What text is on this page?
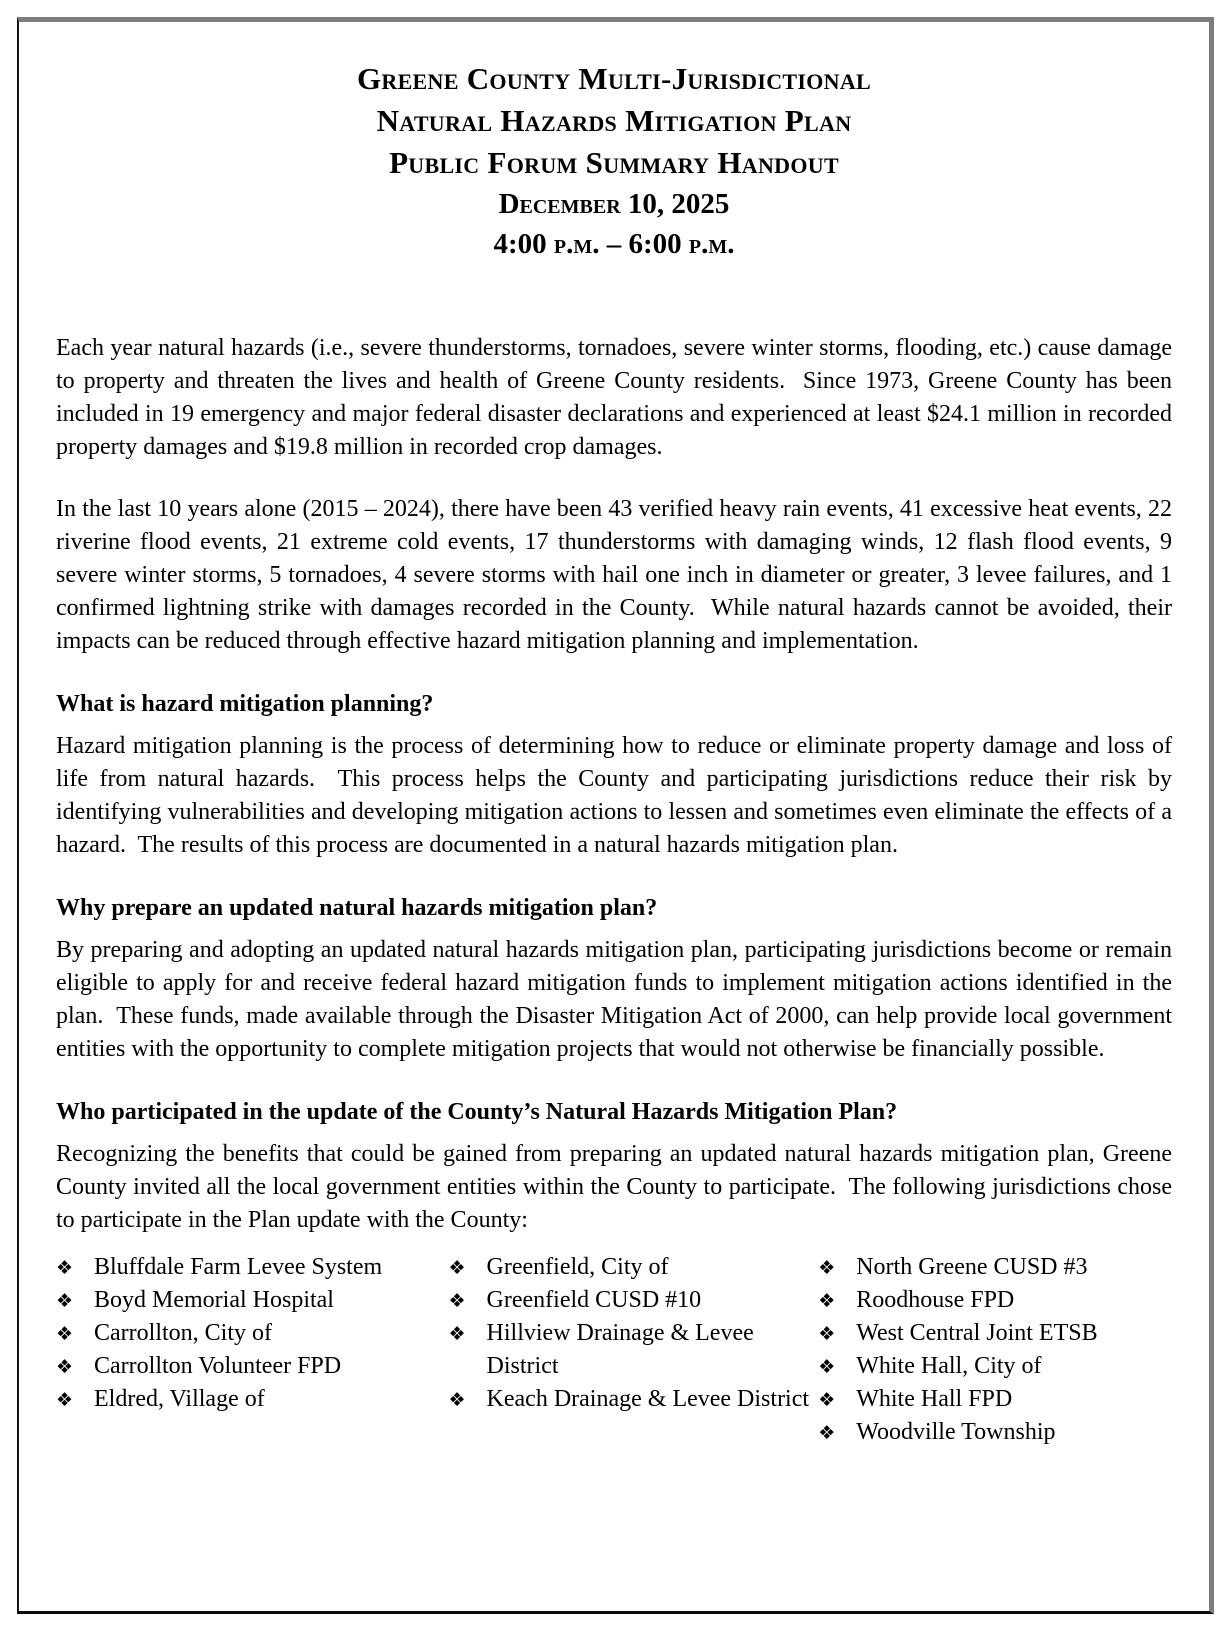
Greene County Multi-Jurisdictional
Natural Hazards Mitigation Plan
Public Forum Summary Handout
December 10, 2025
4:00 p.m. – 6:00 p.m.

Each year natural hazards (i.e., severe thunderstorms, tornadoes, severe winter storms, flooding, etc.) cause damage to property and threaten the lives and health of Greene County residents.  Since 1973, Greene County has been included in 19 emergency and major federal disaster declarations and experienced at least $24.1 million in recorded property damages and $19.8 million in recorded crop damages.

In the last 10 years alone (2015 – 2024), there have been 43 verified heavy rain events, 41 excessive heat events, 22 riverine flood events, 21 extreme cold events, 17 thunderstorms with damaging winds, 12 flash flood events, 9 severe winter storms, 5 tornadoes, 4 severe storms with hail one inch in diameter or greater, 3 levee failures, and 1 confirmed lightning strike with damages recorded in the County.  While natural hazards cannot be avoided, their impacts can be reduced through effective hazard mitigation planning and implementation.

What is hazard mitigation planning?

Hazard mitigation planning is the process of determining how to reduce or eliminate property damage and loss of life from natural hazards.  This process helps the County and participating jurisdictions reduce their risk by identifying vulnerabilities and developing mitigation actions to lessen and sometimes even eliminate the effects of a hazard.  The results of this process are documented in a natural hazards mitigation plan.

Why prepare an updated natural hazards mitigation plan?

By preparing and adopting an updated natural hazards mitigation plan, participating jurisdictions become or remain eligible to apply for and receive federal hazard mitigation funds to implement mitigation actions identified in the plan.  These funds, made available through the Disaster Mitigation Act of 2000, can help provide local government entities with the opportunity to complete mitigation projects that would not otherwise be financially possible.

Who participated in the update of the County’s Natural Hazards Mitigation Plan?

Recognizing the benefits that could be gained from preparing an updated natural hazards mitigation plan, Greene County invited all the local government entities within the County to participate.  The following jurisdictions chose to participate in the Plan update with the County:

❖ Bluffdale Farm Levee System
❖ Boyd Memorial Hospital
❖ Carrollton, City of
❖ Carrollton Volunteer FPD
❖ Eldred, Village of
❖ Greenfield, City of
❖ Greenfield CUSD #10
❖ Hillview Drainage & Levee District
❖ Keach Drainage & Levee District
❖ North Greene CUSD #3
❖ Roodhouse FPD
❖ West Central Joint ETSB
❖ White Hall, City of
❖ White Hall FPD
❖ Woodville Township
